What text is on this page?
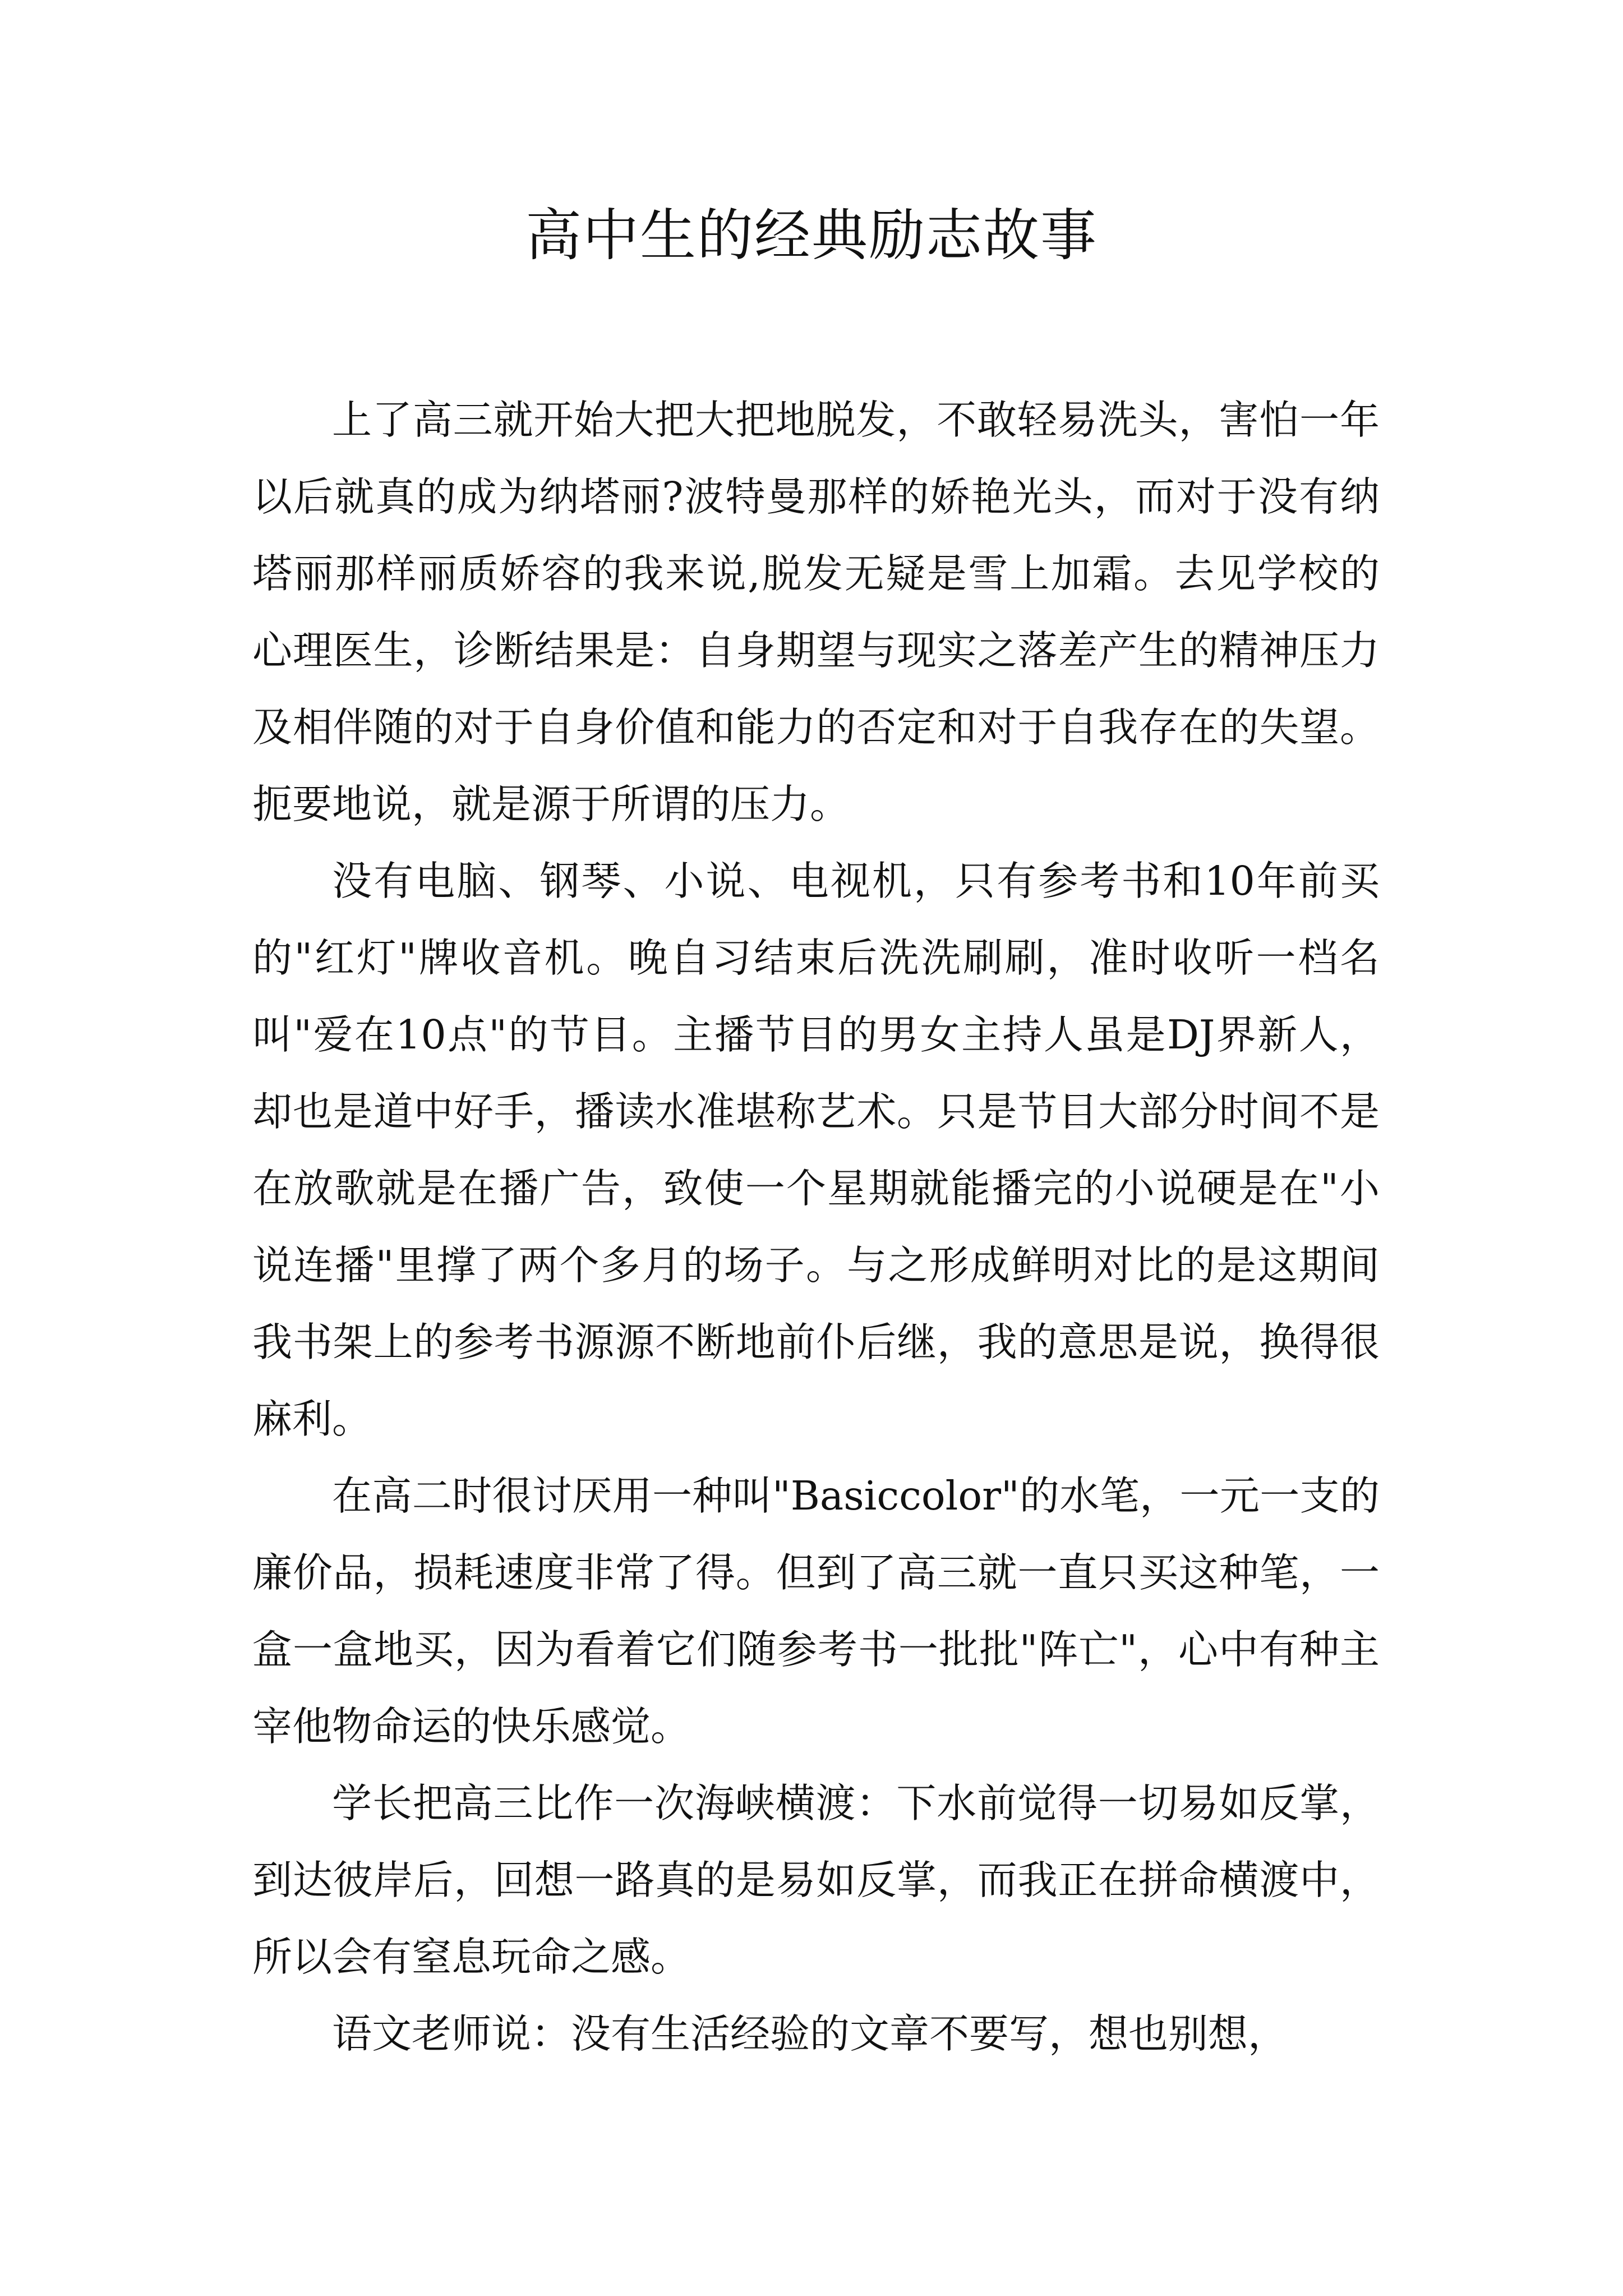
高中生的经典励志故事

上了高三就开始大把大把地脱发，不敢轻易洗头，害怕一年以后就真的成为纳塔丽?波特曼那样的娇艳光头，而对于没有纳塔丽那样丽质娇容的我来说,脱发无疑是雪上加霜。去见学校的心理医生，诊断结果是：自身期望与现实之落差产生的精神压力及相伴随的对于自身价值和能力的否定和对于自我存在的失望。扼要地说，就是源于所谓的压力。

没有电脑、钢琴、小说、电视机，只有参考书和10年前买的"红灯"牌收音机。晚自习结束后洗洗刷刷，准时收听一档名叫"爱在10点"的节目。主播节目的男女主持人虽是DJ界新人，却也是道中好手，播读水准堪称艺术。只是节目大部分时间不是在放歌就是在播广告，致使一个星期就能播完的小说硬是在"小说连播"里撑了两个多月的场子。与之形成鲜明对比的是这期间我书架上的参考书源源不断地前仆后继，我的意思是说，换得很麻利。

在高二时很讨厌用一种叫"Basiccolor"的水笔，一元一支的廉价品，损耗速度非常了得。但到了高三就一直只买这种笔，一盒一盒地买，因为看着它们随参考书一批批"阵亡"，心中有种主宰他物命运的快乐感觉。

学长把高三比作一次海峡横渡：下水前觉得一切易如反掌，到达彼岸后，回想一路真的是易如反掌，而我正在拼命横渡中，所以会有窒息玩命之感。

语文老师说：没有生活经验的文章不要写，想也别想，
